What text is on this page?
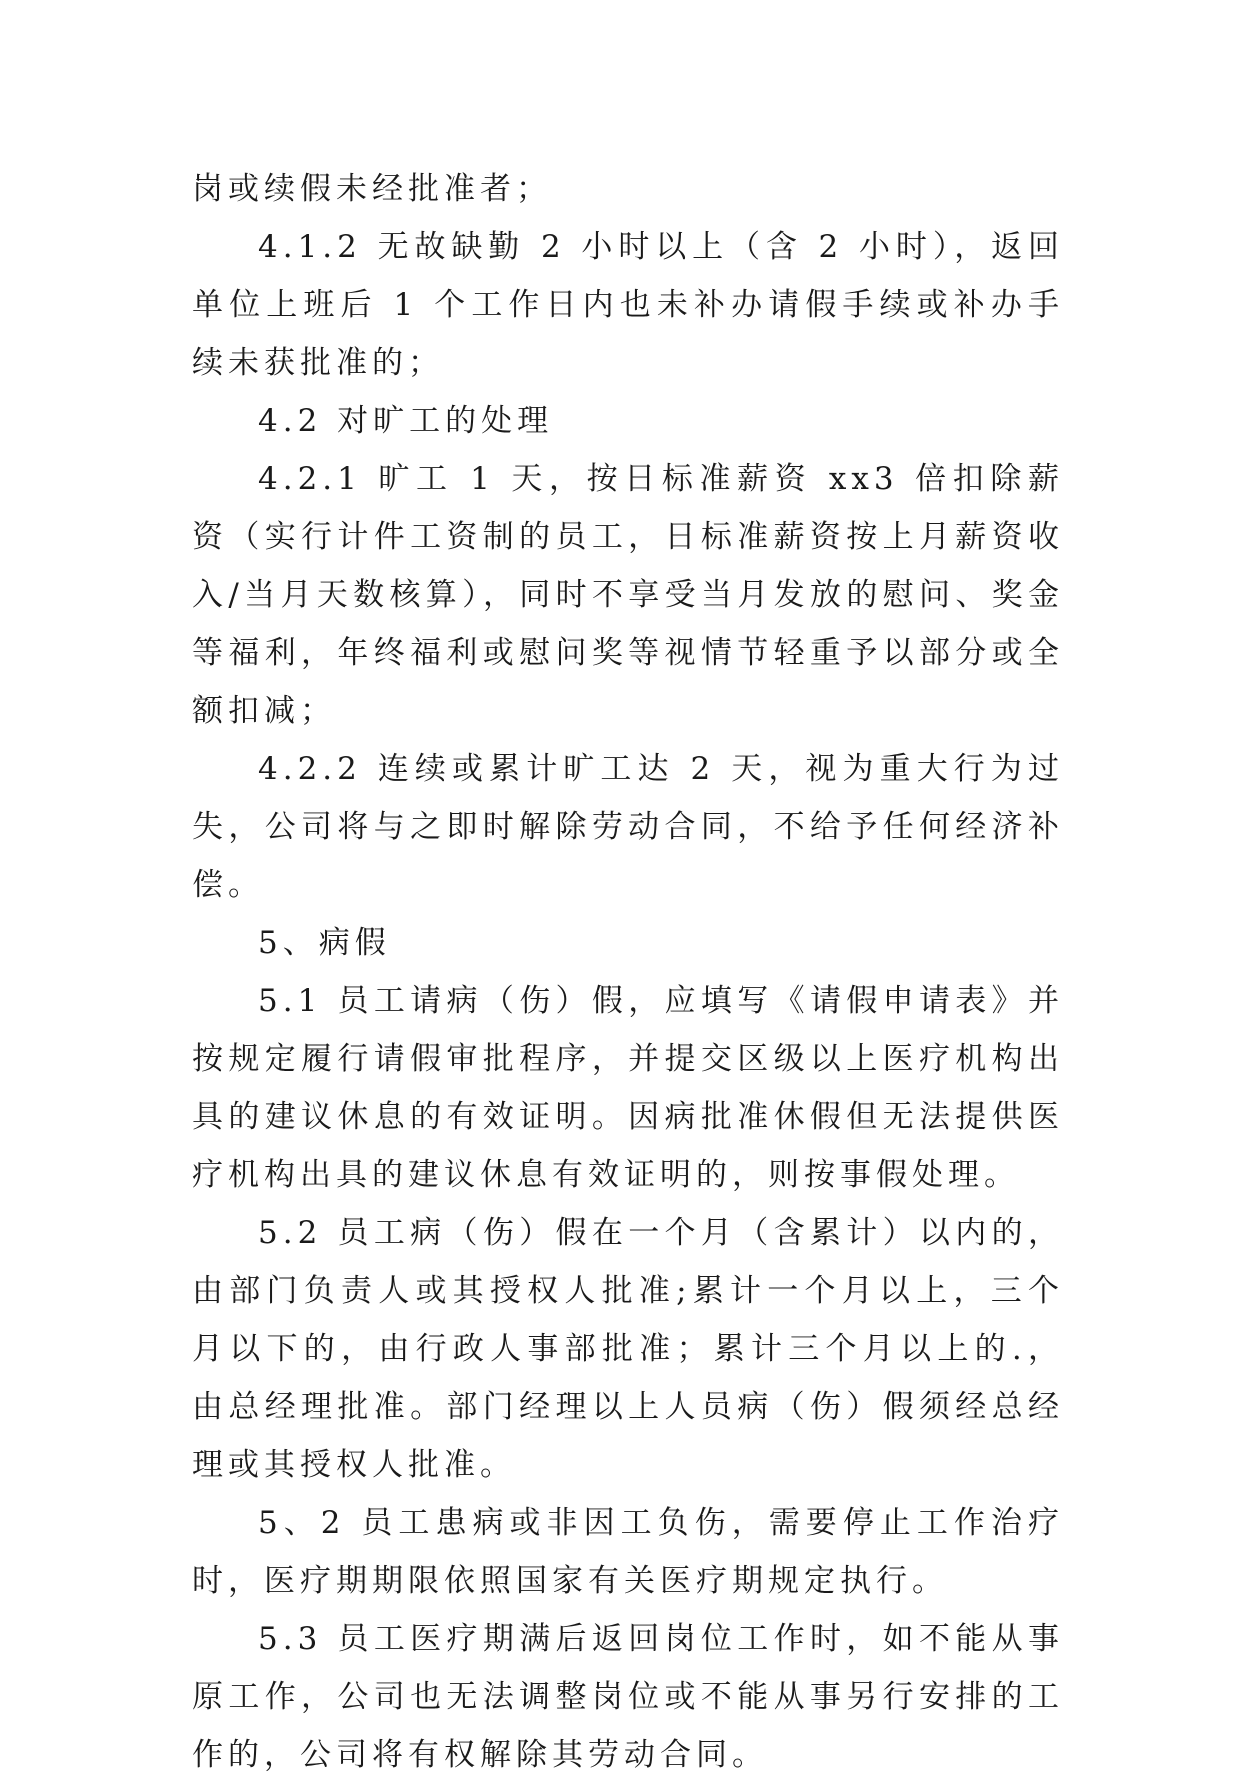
岗或续假未经批准者；

4.1.2 无故缺勤 2 小时以上（含 2 小时），返回单位上班后 1 个工作日内也未补办请假手续或补办手续未获批准的；

4.2 对旷工的处理

4.2.1 旷工 1 天，按日标准薪资 xx3 倍扣除薪资（实行计件工资制的员工，日标准薪资按上月薪资收入/当月天数核算），同时不享受当月发放的慰问、奖金等福利，年终福利或慰问奖等视情节轻重予以部分或全额扣减；

4.2.2 连续或累计旷工达 2 天，视为重大行为过失，公司将与之即时解除劳动合同，不给予任何经济补偿。

5、病假

5.1 员工请病（伤）假，应填写《请假申请表》并按规定履行请假审批程序，并提交区级以上医疗机构出具的建议休息的有效证明。因病批准休假但无法提供医疗机构出具的建议休息有效证明的，则按事假处理。

5.2 员工病（伤）假在一个月（含累计）以内的，由部门负责人或其授权人批准;累计一个月以上，三个月以下的，由行政人事部批准；累计三个月以上的.，由总经理批准。部门经理以上人员病（伤）假须经总经理或其授权人批准。

5、2 员工患病或非因工负伤，需要停止工作治疗时，医疗期期限依照国家有关医疗期规定执行。

5.3 员工医疗期满后返回岗位工作时，如不能从事原工作，公司也无法调整岗位或不能从事另行安排的工作的，公司将有权解除其劳动合同。
